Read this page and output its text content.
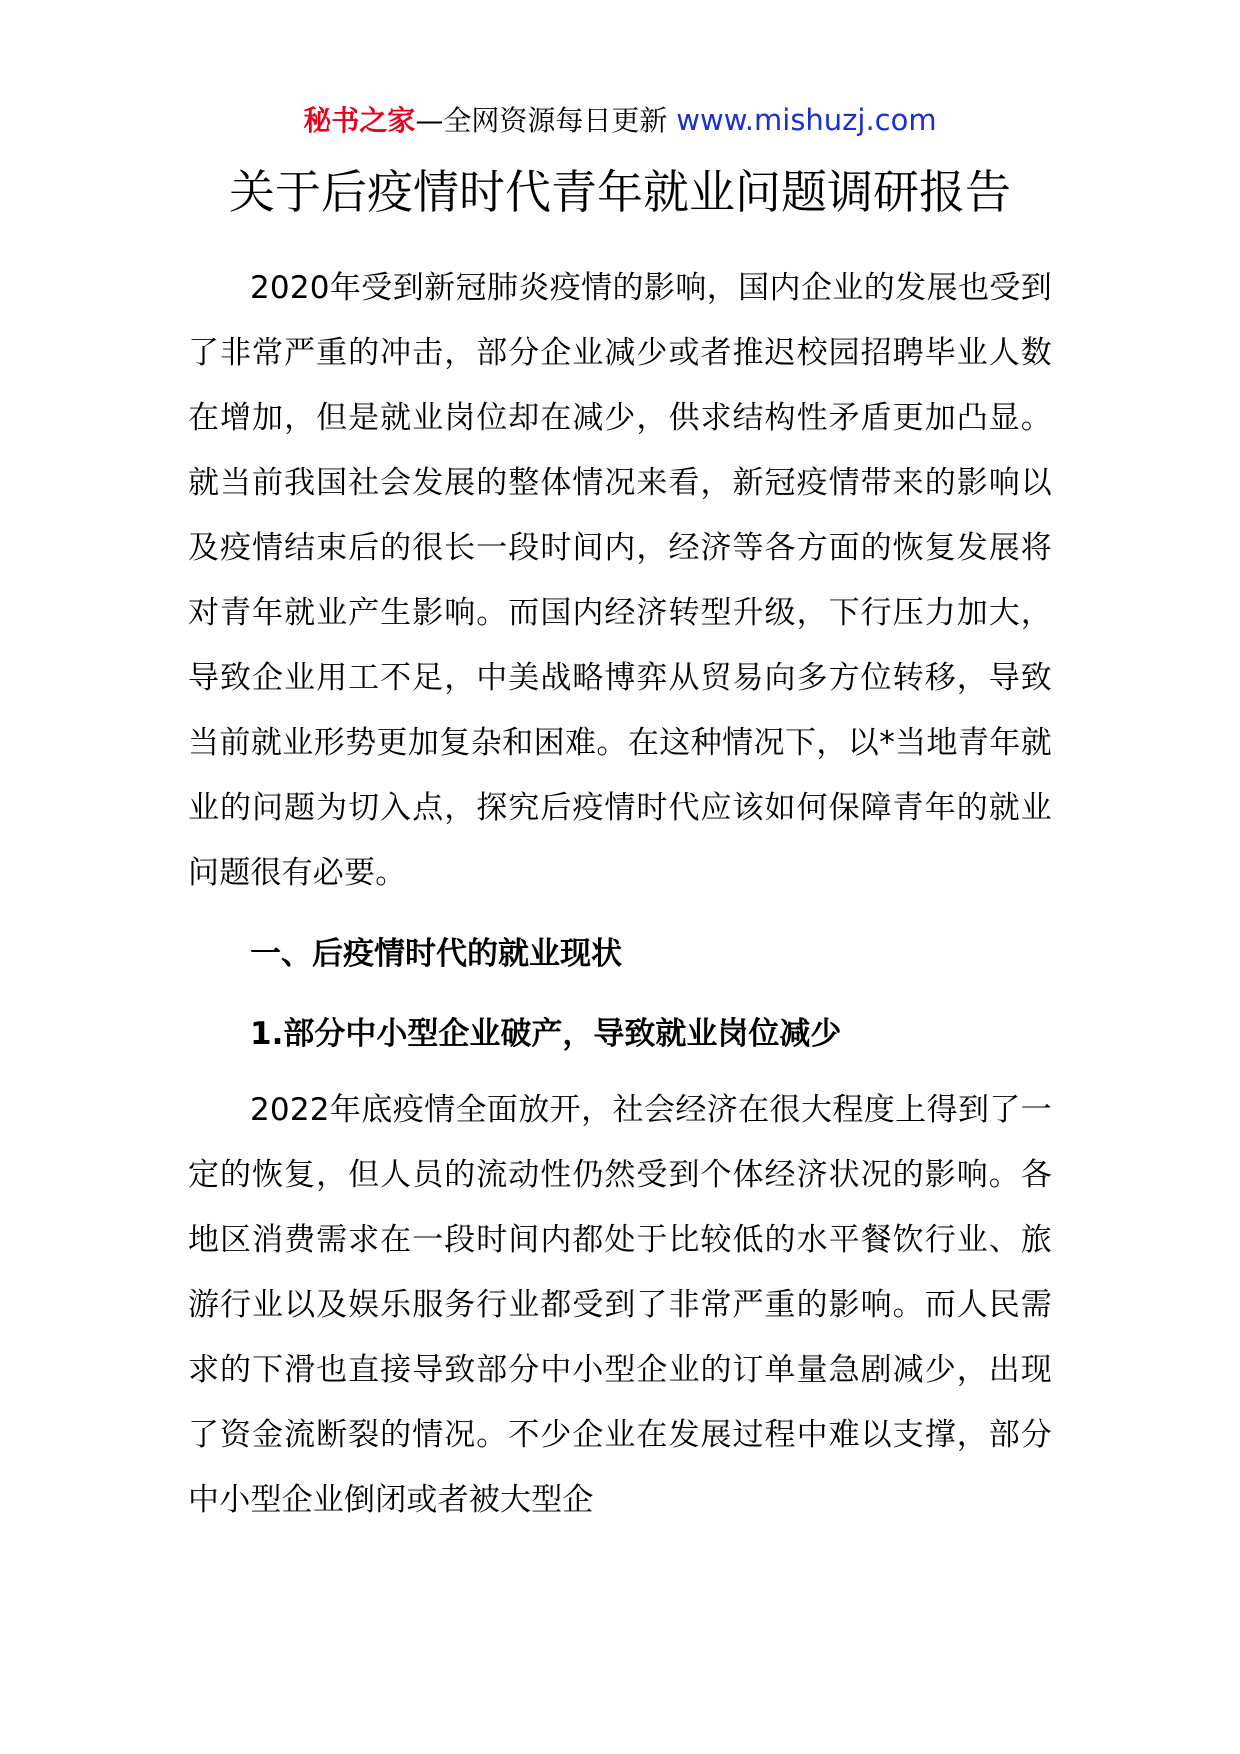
秘书之家—全网资源每日更新 www.mishuzj.com
关于后疫情时代青年就业问题调研报告

2020年受到新冠肺炎疫情的影响，国内企业的发展也受到了非常严重的冲击，部分企业减少或者推迟校园招聘毕业人数在增加，但是就业岗位却在减少，供求结构性矛盾更加凸显。就当前我国社会发展的整体情况来看，新冠疫情带来的影响以及疫情结束后的很长一段时间内，经济等各方面的恢复发展将对青年就业产生影响。而国内经济转型升级，下行压力加大，导致企业用工不足，中美战略博弈从贸易向多方位转移，导致当前就业形势更加复杂和困难。在这种情况下，以*当地青年就业的问题为切入点，探究后疫情时代应该如何保障青年的就业问题很有必要。

一、后疫情时代的就业现状

1.部分中小型企业破产，导致就业岗位减少

2022年底疫情全面放开，社会经济在很大程度上得到了一定的恢复，但人员的流动性仍然受到个体经济状况的影响。各地区消费需求在一段时间内都处于比较低的水平餐饮行业、旅游行业以及娱乐服务行业都受到了非常严重的影响。而人民需求的下滑也直接导致部分中小型企业的订单量急剧减少，出现了资金流断裂的情况。不少企业在发展过程中难以支撑，部分中小型企业倒闭或者被大型企
